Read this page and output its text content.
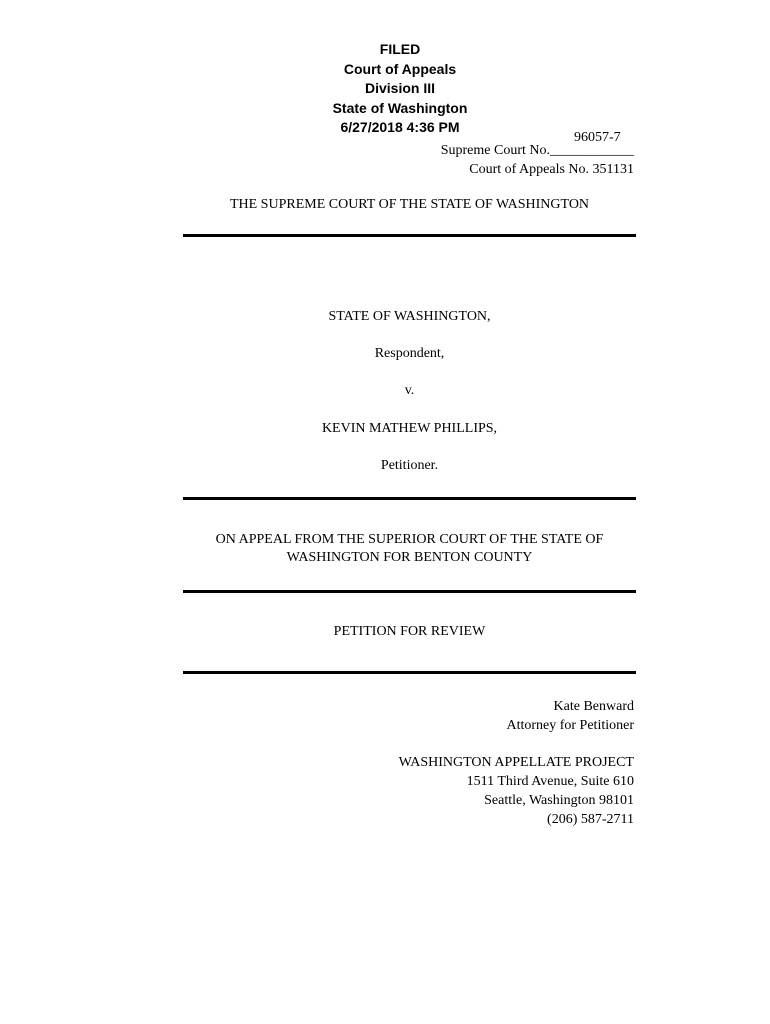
FILED
Court of Appeals
Division III
State of Washington
6/27/2018 4:36 PM
96057-7
Supreme Court No.____________
Court of Appeals No. 351131
THE SUPREME COURT OF THE STATE OF WASHINGTON
STATE OF WASHINGTON,
Respondent,
v.
KEVIN MATHEW PHILLIPS,
Petitioner.
ON APPEAL FROM THE SUPERIOR COURT OF THE STATE OF
WASHINGTON FOR BENTON COUNTY
PETITION FOR REVIEW
Kate Benward
Attorney for Petitioner
WASHINGTON APPELLATE PROJECT
1511 Third Avenue, Suite 610
Seattle, Washington 98101
(206) 587-2711
